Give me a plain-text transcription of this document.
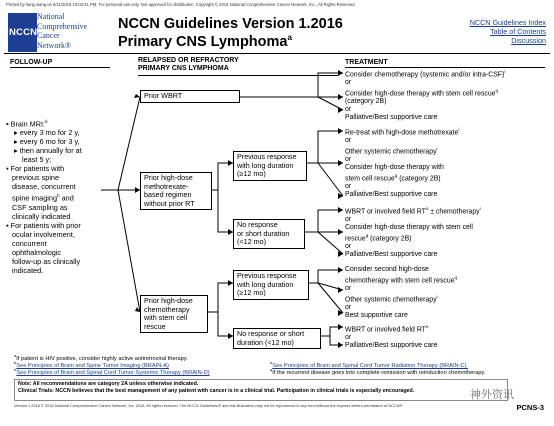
Printed by liang wang on 8/11/2016 10:03:41 PM. For personal use only. Not approved for distribution. Copyright © 2016 National Comprehensive Cancer Network, Inc., All Rights Reserved.
NCCN
National
Comprehensive
Cancer
Network®
NCCN Guidelines Version 1.2016
Primary CNS Lymphoma$^a$
NCCN Guidelines Index
Table of Contents
Discussion
FOLLOW-UP	RELAPSED OR REFRACTORY
PRIMARY CNS LYMPHOMA
TREATMENT
▪ Brain MRI:$^b$
▸ every 3 mo for 2 y,
▸ every 6 mo for 3 y,
▸ then annually for at
least 5 y;
▪ For patients with
previous spine
disease, concurrent
spine imaging$^h$ and
CSF sampling as
clinically indicated
▪ For patients with prior
ocular involvement,
concurrent
ophthalmologic
follow-up as clinically
indicated.
Prior WBRT
Prior high-dose
methotrexate-
based regimen
without prior RT
Prior high-dose
chemotherapy
with stem cell
rescue
Previous response
with long duration
(≥12 mo)
No response
or short duration
(<12 mo)
Previous response
with long duration
(≥12 mo)
No response or short
duration (<12 mo)
Consider chemotherapy (systemic and/or intra-CSF)$^i$
or
Consider high-dose therapy with stem cell rescue$^q$
(category 2B)
or
Palliative/Best supportive care
Re-treat with high-dose methotrexate$^i$
or
Other systemic chemotherapy$^i$
or
Consider high-dose therapy with
stem cell rescue$^q$ (category 2B)
or
Palliative/Best supportive care
WBRT or involved field $RT^o$ ± chemotherapy$^i$
or
Consider high-dose therapy with stem cell
rescue$^q$ (category 2B)
or
Palliative/Best supportive care
Consider second high-dose
chemotherapy with stem cell rescue$^q$
or
Other systemic chemotherapy$^i$
or
Best supportive care
WBRT or involved field $RT^o$
or
Palliative/Best supportive care
$^a$If patient is HIV positive, consider highly active antiretroviral therapy.
$^b$See Principles of Brain and Spine Tumor Imaging (BRAIN-A)
$^h$See Principles of Brain and Spinal Cord Tumor Systemic Therapy (BRAIN-D)
$^o$See Principles of Brain and Spinal Cord Tumor Radiation Therapy (BRAIN-C).
$^q$If the recurrent disease goes into complete remission with reinduction chemotherapy.
Note: All recommendations are category 2A unless otherwise indicated.
Clinical Trials: NCCN believes that the best management of any patient with cancer is in a clinical trial. Participation in clinical trials is especially encouraged.	神外资讯
Version 1.2016 © 2016 National Comprehensive Cancer Network, Inc. 2016, All rights reserved. The NCCN Guidelines® and this illustration may not be reproduced in any form without the express written permission of NCCN®.	PCNS-3
